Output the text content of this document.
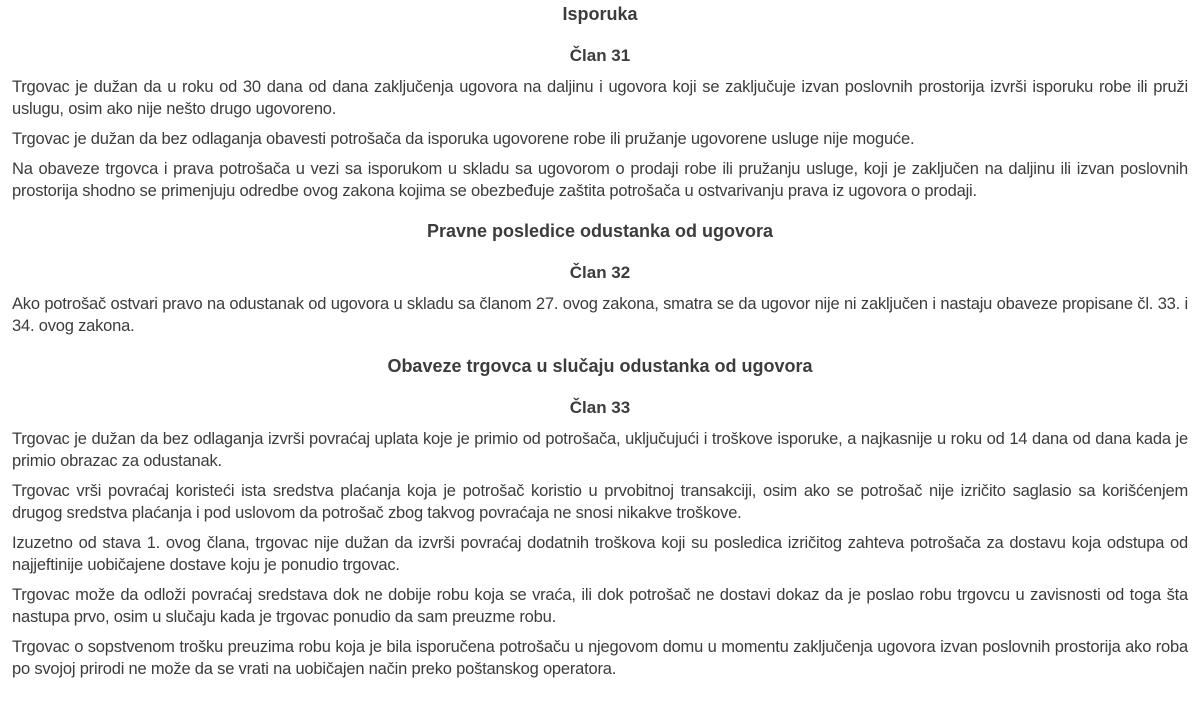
Isporuka
Član 31

Trgovac je dužan da u roku od 30 dana od dana zaključenja ugovora na daljinu i ugovora koji se zaključuje izvan poslovnih prostorija izvrši isporuku robe ili pruži uslugu, osim ako nije nešto drugo ugovoreno.

Trgovac je dužan da bez odlaganja obavesti potrošača da isporuka ugovorene robe ili pružanje ugovorene usluge nije moguće.

Na obaveze trgovca i prava potrošača u vezi sa isporukom u skladu sa ugovorom o prodaji robe ili pružanju usluge, koji je zaključen na daljinu ili izvan poslovnih prostorija shodno se primenjuju odredbe ovog zakona kojima se obezbeđuje zaštita potrošača u ostvarivanju prava iz ugovora o prodaji.

Pravne posledice odustanka od ugovora
Član 32

Ako potrošač ostvari pravo na odustanak od ugovora u skladu sa članom 27. ovog zakona, smatra se da ugovor nije ni zaključen i nastaju obaveze propisane čl. 33. i 34. ovog zakona.

Obaveze trgovca u slučaju odustanka od ugovora
Član 33

Trgovac je dužan da bez odlaganja izvrši povraćaj uplata koje je primio od potrošača, uključujući i troškove isporuke, a najkasnije u roku od 14 dana od dana kada je primio obrazac za odustanak.

Trgovac vrši povraćaj koristeći ista sredstva plaćanja koja je potrošač koristio u prvobitnoj transakciji, osim ako se potrošač nije izričito saglasio sa korišćenjem drugog sredstva plaćanja i pod uslovom da potrošač zbog takvog povraćaja ne snosi nikakve troškove.

Izuzetno od stava 1. ovog člana, trgovac nije dužan da izvrši povraćaj dodatnih troškova koji su posledica izričitog zahteva potrošača za dostavu koja odstupa od najjeftinije uobičajene dostave koju je ponudio trgovac.

Trgovac može da odloži povraćaj sredstava dok ne dobije robu koja se vraća, ili dok potrošač ne dostavi dokaz da je poslao robu trgovcu u zavisnosti od toga šta nastupa prvo, osim u slučaju kada je trgovac ponudio da sam preuzme robu.

Trgovac o sopstvenom trošku preuzima robu koja je bila isporučena potrošaču u njegovom domu u momentu zaključenja ugovora izvan poslovnih prostorija ako roba po svojoj prirodi ne može da se vrati na uobičajen način preko poštanskog operatora.
